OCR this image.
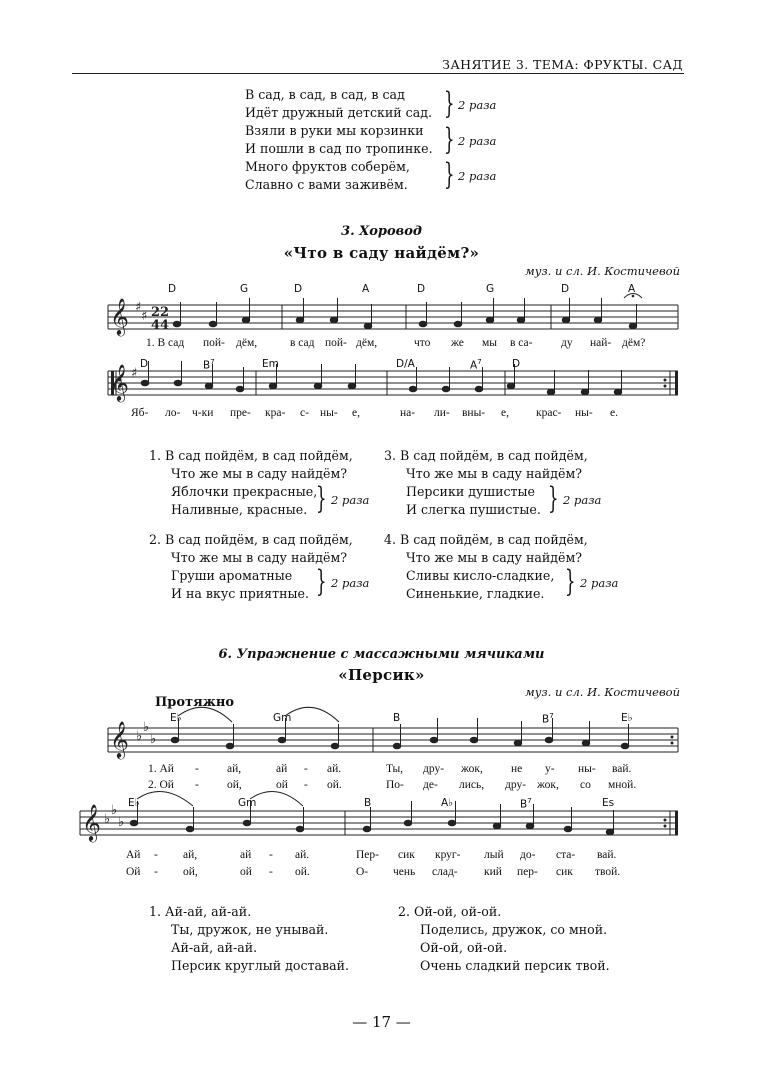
ЗАНЯТИЕ 3. ТЕМА: ФРУКТЫ. САД
В сад, в сад, в сад, в сад
Идёт дружный детский сад.
Взяли в руки мы корзинки
И пошли в сад по тропинке.
Много фруктов соберём,
Славно с вами заживём.
} 2 раза
} 2 раза
} 2 раза
3. Хоровод
«Что в саду найдём?»
муз. и сл. И. Костичевой
𝄞
𝄞
𝄞
𝄞
♯
♯
♯
♭
♭
♭
♭
♭
♭
2
4
2
4
D	G	D	A	D	G	D	A
1. В сад пой- дём,	в сад пой- дём,	что же мы в са- ду най- дём?
D	$B^7$	Em	D/A	$A^7$	D
Яб- ло- ч-ки пре- кра- с- ны- е,	на- ли- вны- е, крас- ны- е.
1. В сад пойдём, в сад пойдём,
Что же мы в саду найдём?
Яблочки прекрасные,
Наливные, красные. } 2 раза
2. В сад пойдём, в сад пойдём,
Что же мы в саду найдём?
Груши ароматные
И на вкус приятные. } 2 раза
3. В сад пойдём, в сад пойдём,
Что же мы в саду найдём?
Персики душистые
И слегка пушистые. } 2 раза
4. В сад пойдём, в сад пойдём,
Что же мы в саду найдём?
Сливы кисло-сладкие,
Синенькие, гладкие. } 2 раза
6. Упражнение с массажными мячиками
«Персик»
муз. и сл. И. Костичевой
Протяжно
E♭	Gm	B	$B^7$	E♭
1. Ай - ай,	ай - ай.	Ты, дру- жок, не у- ны- вай.
2. Ой - ой,	ой - ой.	По- де- лись, дру- жок, со мной.
E♭	Gm	B	A♭	$B^7$	Es
Ай - ай,	ай - ай.	Пер- сик круг- лый до- ста- вай.
Ой - ой,	ой - ой.	О- чень слад- кий пер- сик твой.
1. Ай-ай, ай-ай.
Ты, дружок, не унывай.
Ай-ай, ай-ай.
Персик круглый доставай.
2. Ой-ой, ой-ой.
Поделись, дружок, со мной.
Ой-ой, ой-ой.
Очень сладкий персик твой.
— 17 —
